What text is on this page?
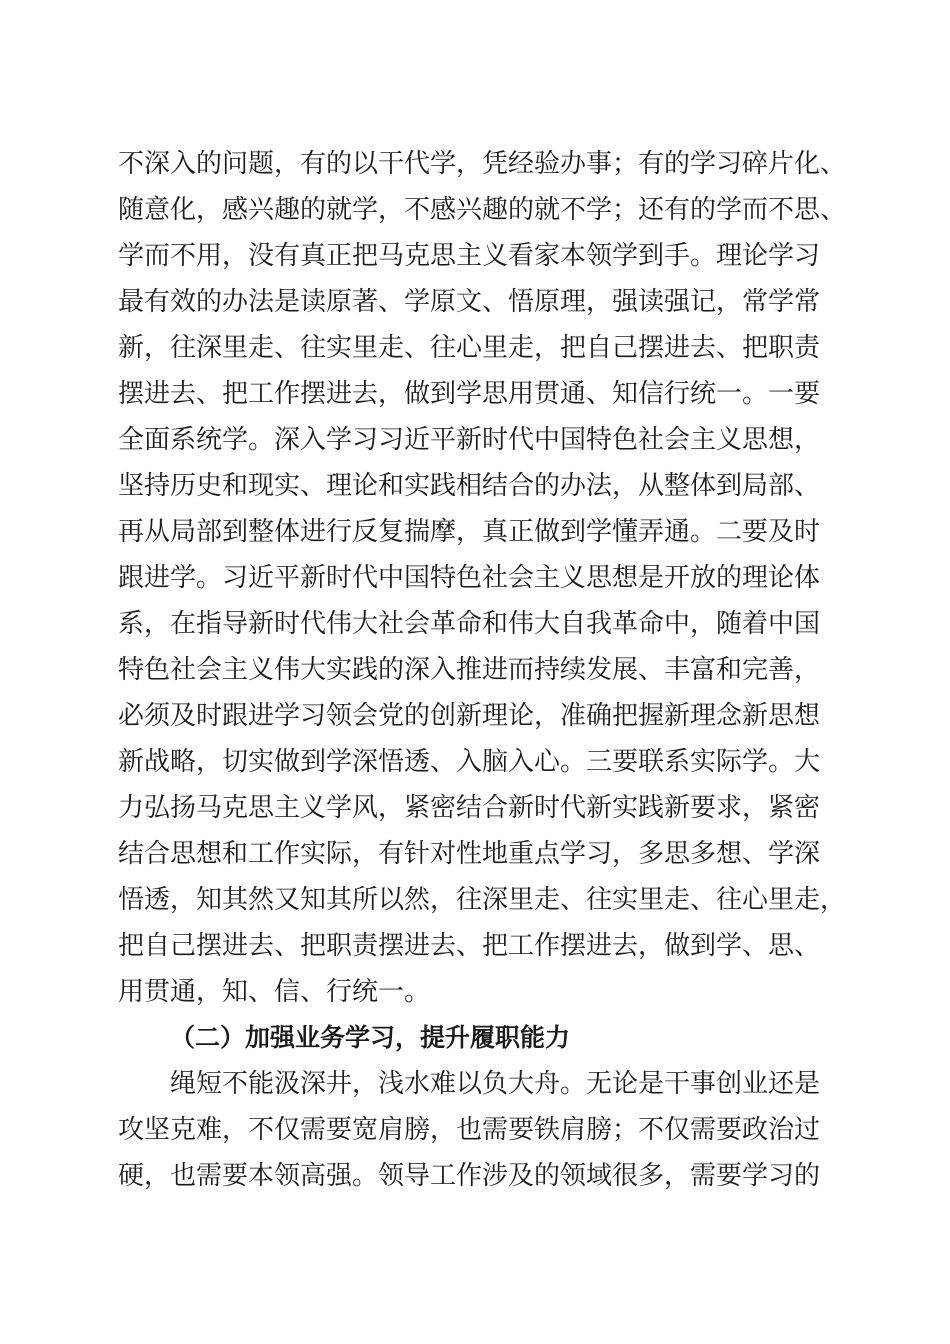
不深入的问题，有的以干代学，凭经验办事；有的学习碎片化、
随意化，感兴趣的就学，不感兴趣的就不学；还有的学而不思、
学而不用，没有真正把马克思主义看家本领学到手。理论学习
最有效的办法是读原著、学原文、悟原理，强读强记，常学常
新，往深里走、往实里走、往心里走，把自己摆进去、把职责
摆进去、把工作摆进去，做到学思用贯通、知信行统一。一要
全面系统学。深入学习习近平新时代中国特色社会主义思想，
坚持历史和现实、理论和实践相结合的办法，从整体到局部、
再从局部到整体进行反复揣摩，真正做到学懂弄通。二要及时
跟进学。习近平新时代中国特色社会主义思想是开放的理论体
系，在指导新时代伟大社会革命和伟大自我革命中，随着中国
特色社会主义伟大实践的深入推进而持续发展、丰富和完善，
必须及时跟进学习领会党的创新理论，准确把握新理念新思想
新战略，切实做到学深悟透、入脑入心。三要联系实际学。大
力弘扬马克思主义学风，紧密结合新时代新实践新要求，紧密
结合思想和工作实际，有针对性地重点学习，多思多想、学深
悟透，知其然又知其所以然，往深里走、往实里走、往心里走，
把自己摆进去、把职责摆进去、把工作摆进去，做到学、思、
用贯通，知、信、行统一。
（二）加强业务学习，提升履职能力
绳短不能汲深井，浅水难以负大舟。无论是干事创业还是
攻坚克难，不仅需要宽肩膀，也需要铁肩膀；不仅需要政治过
硬，也需要本领高强。领导工作涉及的领域很多，需要学习的
